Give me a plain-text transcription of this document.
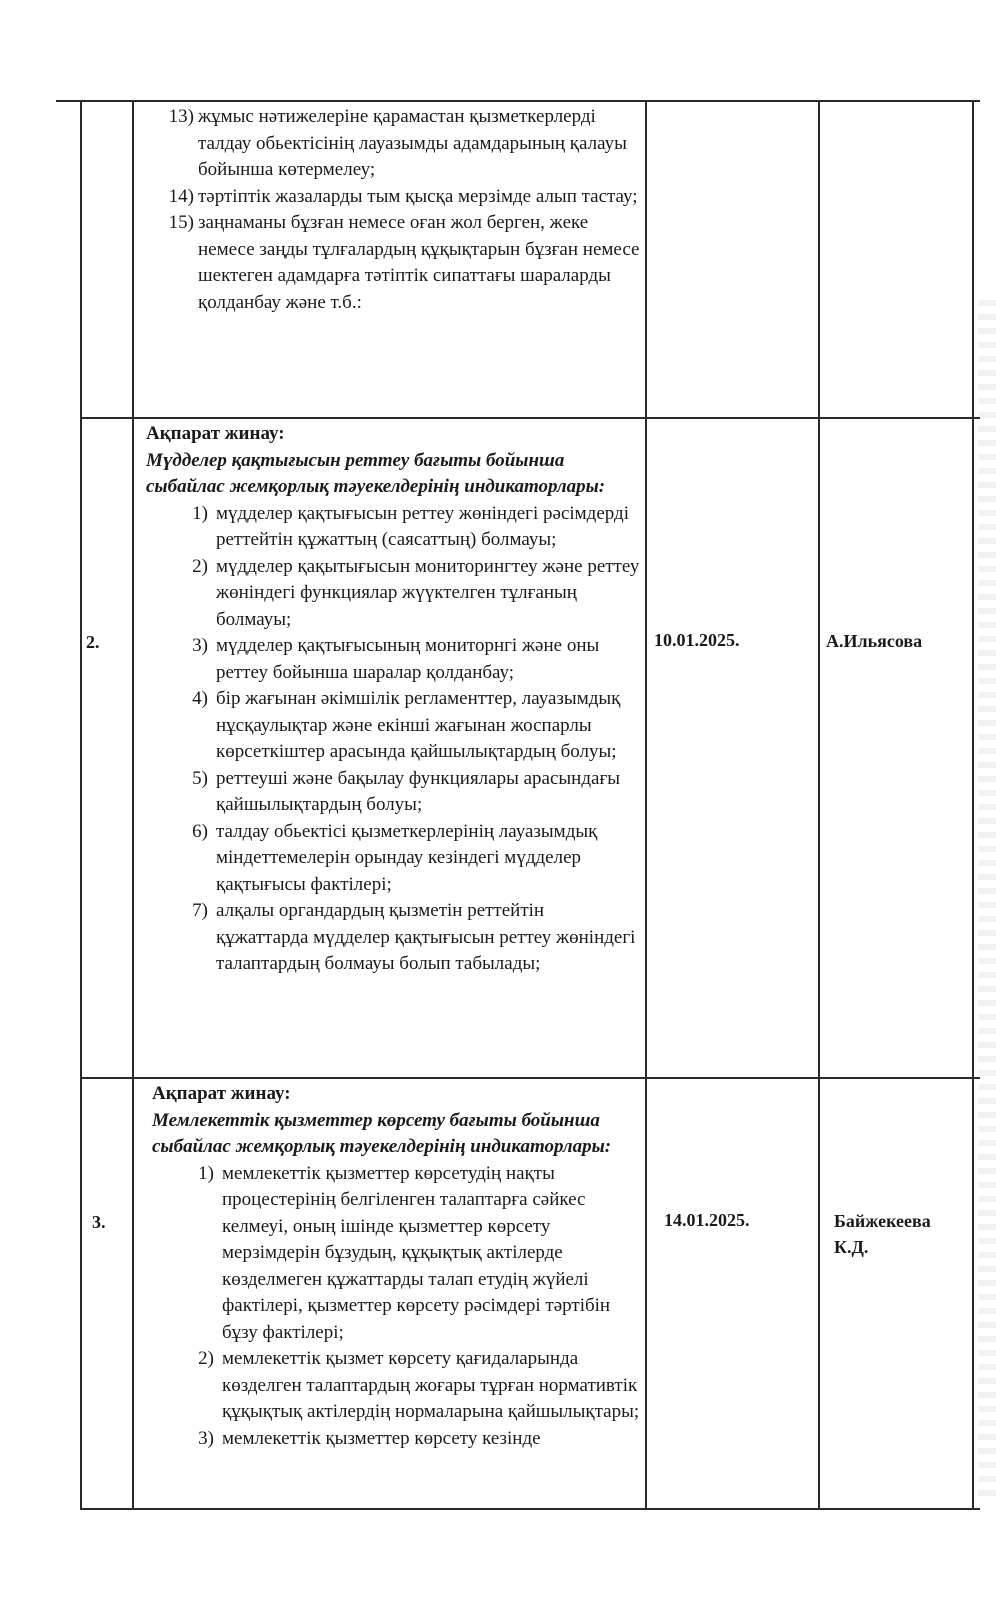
13) жұмыс нәтижелеріне қарамастан қызметкерлерді талдау обьектісінің лауазымды адамдарының қалауы бойынша көтермелеу;
14) тәртіптік жазаларды тым қысқа мерзімде алып тастау;
15) заңнаманы бұзған немесе оған жол берген, жеке немесе заңды тұлғалардың құқықтарын бұзған немесе шектеген адамдарға тәтіптік сипаттағы шараларды қолданбау және т.б.:
2.
Ақпарат жинау:
Мүдделер қақтығысын реттеу бағыты бойынша сыбайлас жемқорлық тәуекелдерінің индикаторлары:
1) мүдделер қақтығысын реттеу жөніндегі рәсімдерді реттейтін құжаттың (саясаттың) болмауы;
2) мүдделер қақытығысын мониторингтеу және реттеу жөніндегі функциялар жүүктелген тұлғаның болмауы;
3) мүдделер қақтығысының мониторнгі және оны реттеу бойынша шаралар қолданбау;
4) бір жағынан әкімшілік регламенттер, лауазымдық нұсқаулықтар және екінші жағынан жоспарлы көрсеткіштер арасында қайшылықтардың болуы;
5) реттеуші және бақылау функциялары арасындағы қайшылықтардың болуы;
6) талдау обьектісі қызметкерлерінің лауазымдық міндеттемелерін орындау кезіндегі мүдделер қақтығысы фактілері;
7) алқалы органдардың қызметін реттейтін құжаттарда мүдделер қақтығысын реттеу жөніндегі талаптардың болмауы болып табылады;
10.01.2025.	А.Ильясова
3.
Ақпарат жинау:
Мемлекеттік қызметтер көрсету бағыты бойынша сыбайлас жемқорлық тәуекелдерінің индикаторлары:
1) мемлекеттік қызметтер көрсетудің нақты процестерінің белгіленген талаптарға сәйкес келмеуі, оның ішінде қызметтер көрсету мерзімдерін бұзудың, құқықтық актілерде көзделмеген құжаттарды талап етудің жүйелі фактілері, қызметтер көрсету рәсімдері тәртібін бұзу фактілері;
2) мемлекеттік қызмет көрсету қағидаларында көзделген талаптардың жоғары тұрған нормативтік құқықтық актілердің нормаларына қайшылықтары;
3) мемлекеттік қызметтер көрсету кезінде
14.01.2025.	Байжекеева К.Д.
